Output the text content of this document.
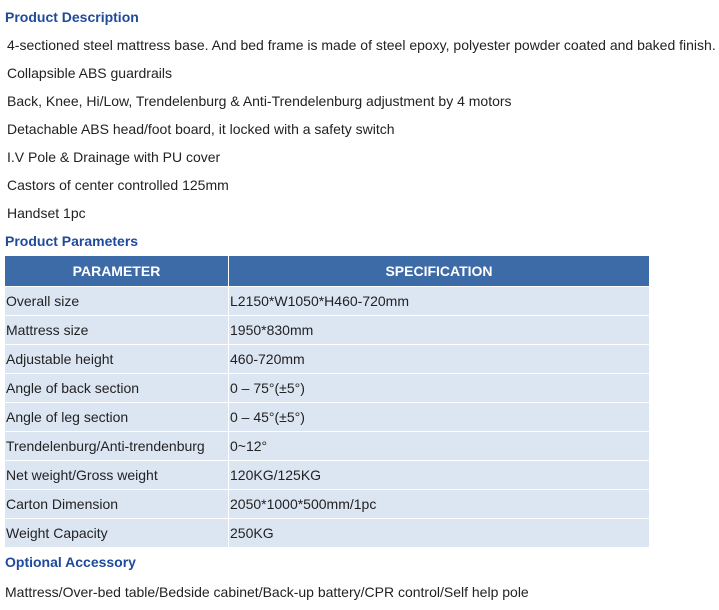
Product Description
4-sectioned steel mattress base. And bed frame is made of steel epoxy, polyester powder coated and baked finish.
Collapsible ABS guardrails
Back, Knee, Hi/Low, Trendelenburg & Anti-Trendelenburg adjustment by 4 motors
Detachable ABS head/foot board, it locked with a safety switch
I.V Pole & Drainage with PU cover
Castors of center controlled 125mm
Handset 1pc
Product Parameters
PARAMETER	SPECIFICATION
Overall size	L2150*W1050*H460-720mm
Mattress size	1950*830mm
Adjustable height	460-720mm
Angle of back section	0 – 75°(±5°)
Angle of leg section	0 – 45°(±5°)
Trendelenburg/Anti-trendenburg	0~12°
Net weight/Gross weight	120KG/125KG
Carton Dimension	2050*1000*500mm/1pc
Weight Capacity	250KG
Optional Accessory
Mattress/Over-bed table/Bedside cabinet/Back-up battery/CPR control/Self help pole
